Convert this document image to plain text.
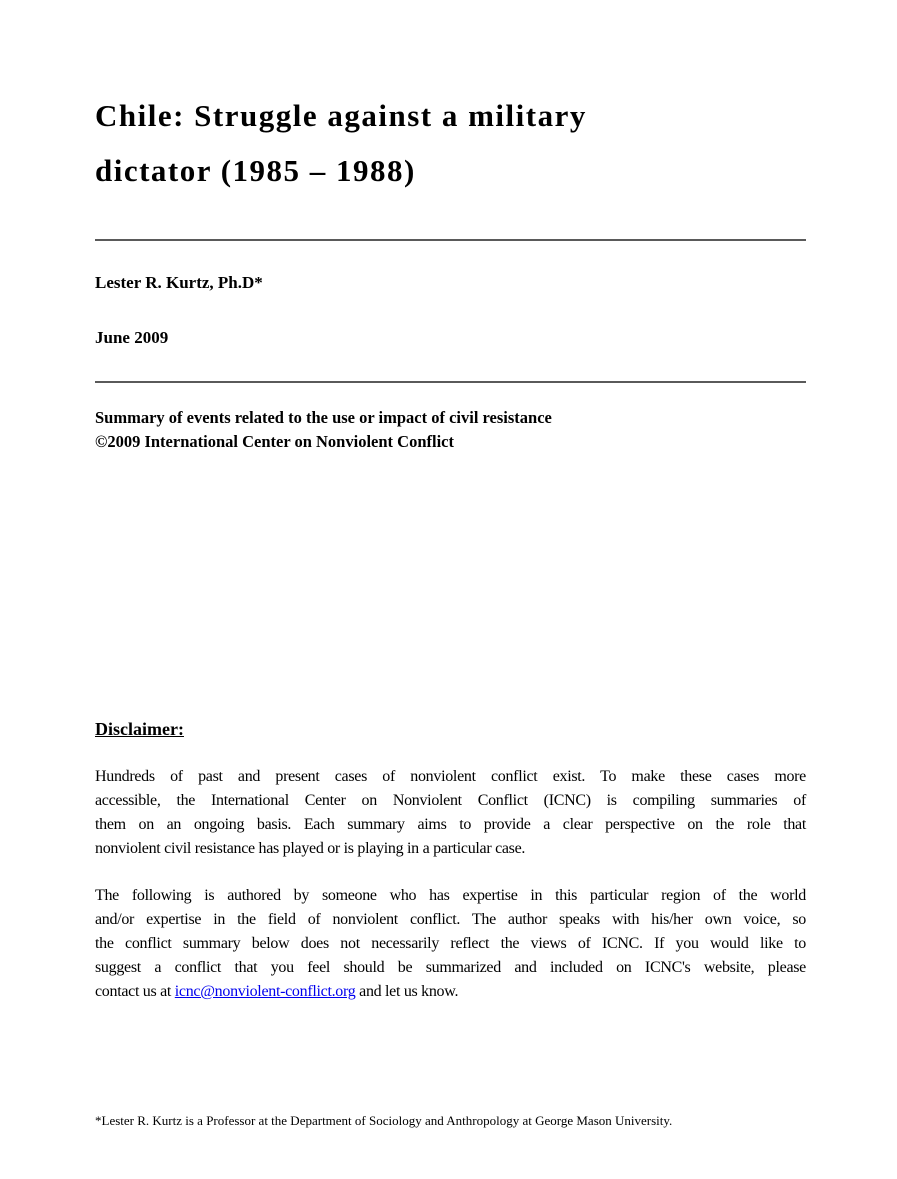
Chile: Struggle against a military
dictator (1985 – 1988)
Lester R. Kurtz, Ph.D*
June 2009
Summary of events related to the use or impact of civil resistance
©2009 International Center on Nonviolent Conflict
Disclaimer:
Hundreds of past and present cases of nonviolent conflict exist. To make these cases more
accessible, the International Center on Nonviolent Conflict (ICNC) is compiling summaries of
them on an ongoing basis. Each summary aims to provide a clear perspective on the role that
nonviolent civil resistance has played or is playing in a particular case.
The following is authored by someone who has expertise in this particular region of the world
and/or expertise in the field of nonviolent conflict. The author speaks with his/her own voice, so
the conflict summary below does not necessarily reflect the views of ICNC. If you would like to
suggest a conflict that you feel should be summarized and included on ICNC's website, please
contact us at icnc@nonviolent-conflict.org and let us know.
*Lester R. Kurtz is a Professor at the Department of Sociology and Anthropology at George Mason University.
